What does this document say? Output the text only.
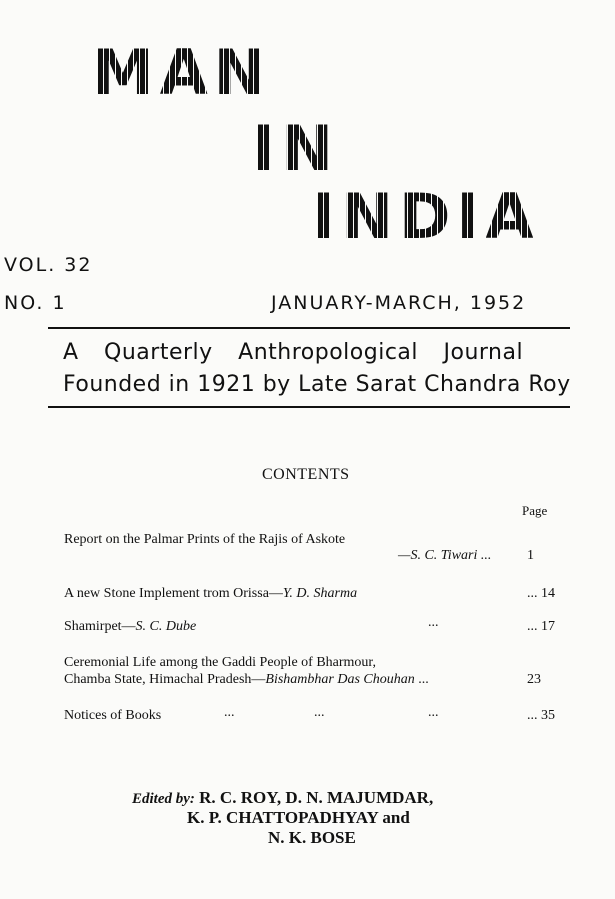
MAN
IN
INDIA
VOL. 32
NO. 1	JANUARY-MARCH, 1952
A Quarterly Anthropological Journal
Founded in 1921 by Late Sarat Chandra Roy
CONTENTS
Page
Report on the Palmar Prints of the Rajis of Askote
—S. C. Tiwari ...	1
A new Stone Implement trom Orissa—Y. D. Sharma	... 14
Shamirpet—S. C. Dube	...	... 17
Ceremonial Life among the Gaddi People of Bharmour,
Chamba State, Himachal Pradesh—Bishambhar Das Chouhan ...	23
Notices of Books	...	...	...	... 35
Edited by: R. C. ROY, D. N. MAJUMDAR,
K. P. CHATTOPADHYAY and
N. K. BOSE
